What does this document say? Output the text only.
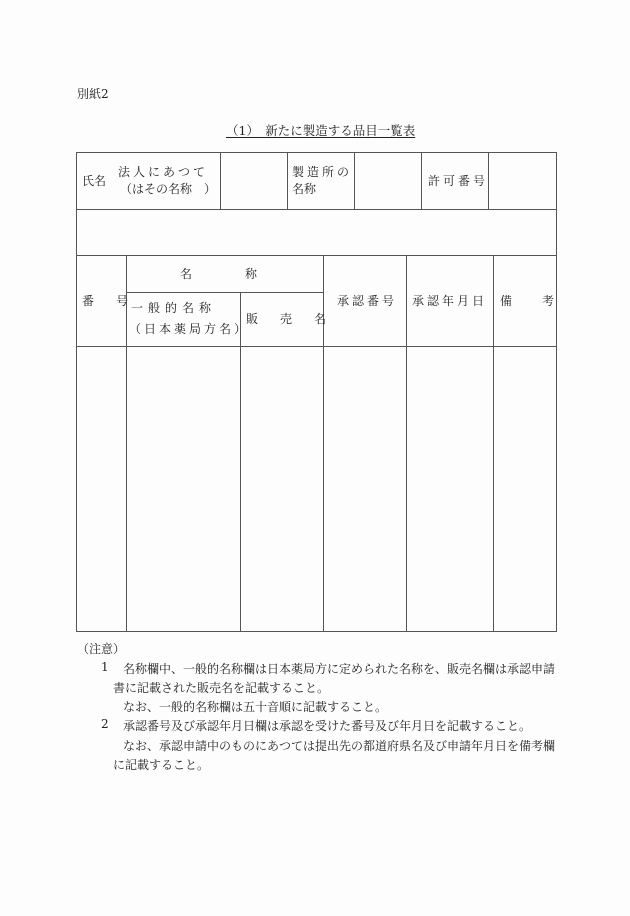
別紙2
（1）　新たに製造する品目一覧表
氏名
法人にあつて
（はその名称　）
製造所の
名称
許可番号
番　号
名　　　　称
一般的名称
（日本薬局方名）
販　売　名
承認番号 承認年月日 備　　考
（注意）
1 名称欄中、一般的名称欄は日本薬局方に定められた名称を、販売名欄は承認申請
書に記載された販売名を記載すること。
なお、一般的名称欄は五十音順に記載すること。
2 承認番号及び承認年月日欄は承認を受けた番号及び年月日を記載すること。
なお、承認申請中のものにあつては提出先の都道府県名及び申請年月日を備考欄
に記載すること。
